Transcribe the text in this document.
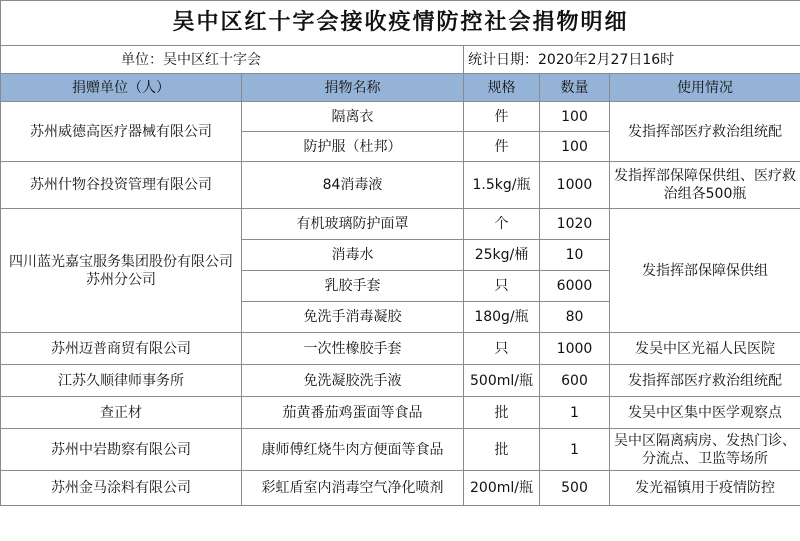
吴中区红十字会接收疫情防控社会捐物明细				
单位：吴中区红十字会		统计日期：2020年2月27日16时		
捐赠单位（人）	捐物名称	规格	数量	使用情况
苏州威德高医疗器械有限公司	隔离衣	件	100	发指挥部医疗救治组统配
	防护服（杜邦）	件	100	
苏州什物谷投资管理有限公司	84消毒液	1.5kg/瓶	1000	发指挥部保障保供组、医疗救治组各500瓶
四川蓝光嘉宝服务集团股份有限公司苏州分公司	有机玻璃防护面罩	个	1020	发指挥部保障保供组
	消毒水	25kg/桶	10	
	乳胶手套	只	6000	
	免洗手消毒凝胶	180g/瓶	80	
苏州迈普商贸有限公司	一次性橡胶手套	只	1000	发吴中区光福人民医院
江苏久顺律师事务所	免洗凝胶洗手液	500ml/瓶	600	发指挥部医疗救治组统配
查正材	茄黄番茄鸡蛋面等食品	批	1	发吴中区集中医学观察点
苏州中岩勘察有限公司	康师傅红烧牛肉方便面等食品	批	1	吴中区隔离病房、发热门诊、分流点、卫监等场所
苏州金马涂料有限公司	彩虹盾室内消毒空气净化喷剂	200ml/瓶	500	发光福镇用于疫情防控
